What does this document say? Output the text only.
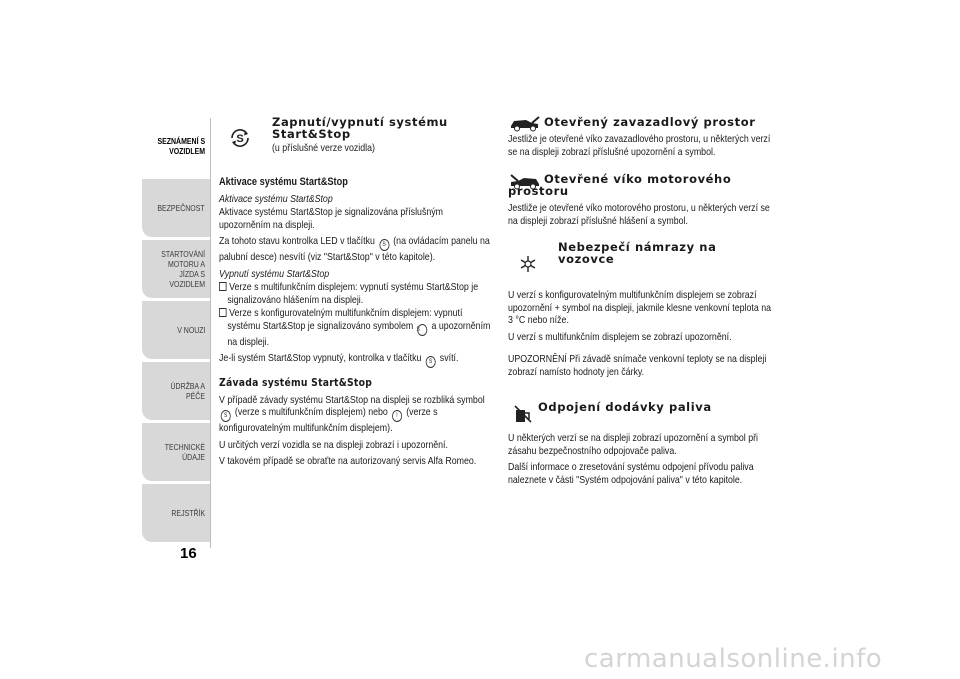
SEZNÁMENÍ S
VOZIDLEM
BEZPEČNOST
STARTOVÁNÍ
MOTORU A JÍZDA S
VOZIDLEM
V NOUZI
ÚDRŽBA A PÉČE
TECHNICKÉ ÚDAJE
REJSTŘÍK
16
S
Zapnutí/vypnutí systému Start&Stop
(u příslušné verze vozidla)

Aktivace systému Start&Stop

Aktivace systému Start&Stop

Aktivace systému Start&Stop je signalizována příslušným upozorněním na displeji.

Za tohoto stavu kontrolka LED v tlačítku S (na ovládacím panelu na palubní desce) nesvítí (viz "Start&Stop" v této kapitole).

Vypnutí systému Start&Stop

Verze s multifunkčním displejem: vypnutí systému Start&Stop je signalizováno hlášením na displeji.

Verze s konfigurovatelným multifunkčním displejem: vypnutí systému Start&Stop je signalizováno symbolem S a upozorněním na displeji.

Je-li systém Start&Stop vypnutý, kontrolka v tlačítku S svítí.

Závada systému Start&Stop

V případě závady systému Start&Stop na displeji se rozbliká symbol S (verze s multifunkčním displejem) nebo ! (verze s konfigurovatelným multifunkčním displejem).

U určitých verzí vozidla se na displeji zobrazí i upozornění.

V takovém případě se obraťte na autorizovaný servis Alfa Romeo.

Otevřený zavazadlový prostor

Jestliže je otevřené víko zavazadlového prostoru, u některých verzí se na displeji zobrazí příslušné upozornění a symbol.

Otevřené víko motorového prostoru

Jestliže je otevřené víko motorového prostoru, u některých verzí se na displeji zobrazí příslušné hlášení a symbol.

Nebezpečí námrazy na vozovce

U verzí s konfigurovatelným multifunkčním displejem se zobrazí upozornění + symbol na displeji, jakmile klesne venkovní teplota na 3 °C nebo níže.

U verzí s multifunkčním displejem se zobrazí upozornění.

UPOZORNĚNÍ Při závadě snímače venkovní teploty se na displeji zobrazí namísto hodnoty jen čárky.

Odpojení dodávky paliva

U některých verzí se na displeji zobrazí upozornění a symbol při zásahu bezpečnostního odpojovače paliva.

Další informace o zresetování systému odpojení přívodu paliva naleznete v části "Systém odpojování paliva" v této kapitole.

carmanualsonline.info
